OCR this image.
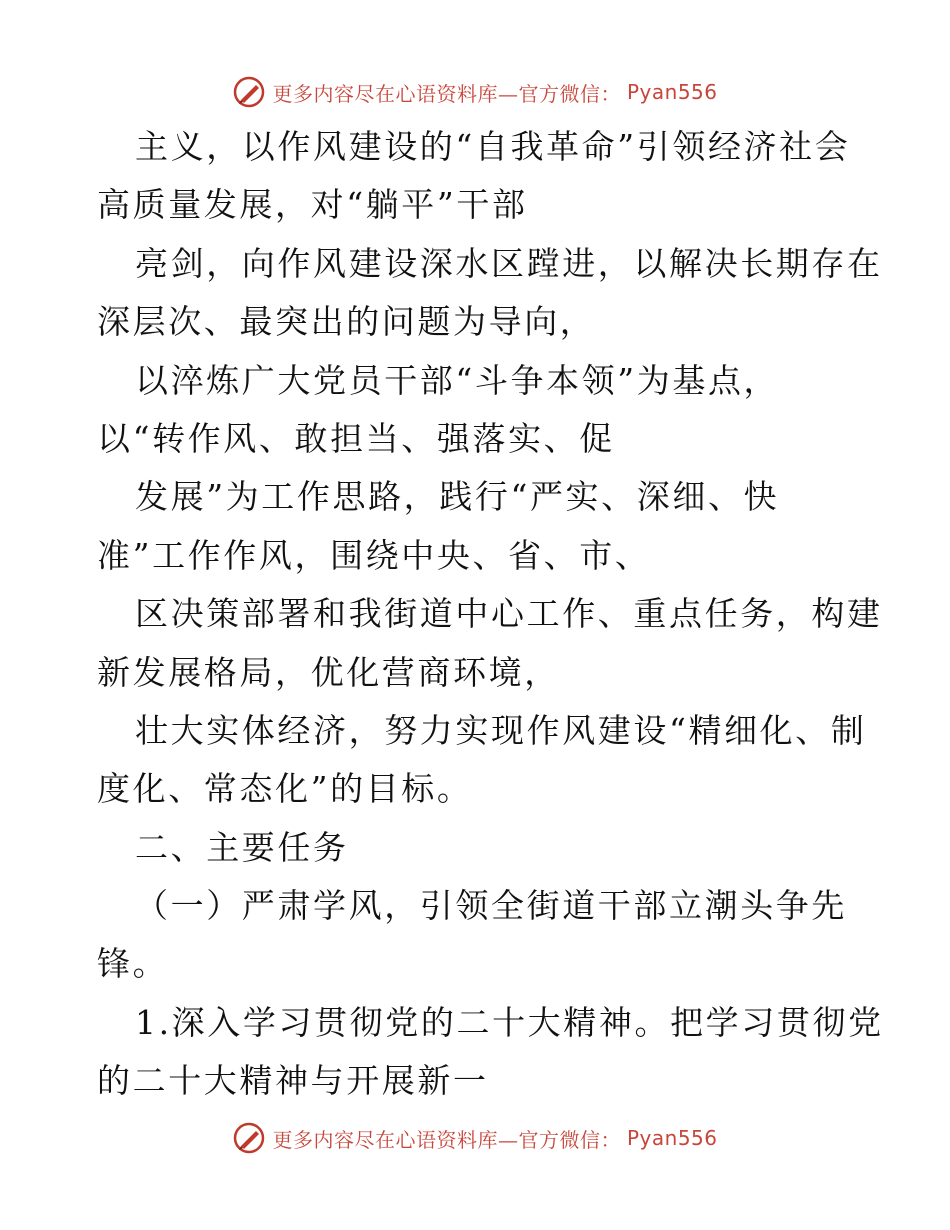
更多内容尽在心语资料库—官方微信： Pyan556
主义，以作风建设的“自我革命”引领经济社会
高质量发展，对“躺平”干部
亮剑，向作风建设深水区蹚进，以解决长期存在
深层次、最突出的问题为导向，
以淬炼广大党员干部“斗争本领”为基点，
以“转作风、敢担当、强落实、促
发展”为工作思路，践行“严实、深细、快
准”工作作风，围绕中央、省、市、
区决策部署和我街道中心工作、重点任务，构建
新发展格局，优化营商环境，
壮大实体经济，努力实现作风建设“精细化、制
度化、常态化”的目标。
二、主要任务
（一）严肃学风，引领全街道干部立潮头争先
锋。
1.深入学习贯彻党的二十大精神。把学习贯彻党
的二十大精神与开展新一
更多内容尽在心语资料库—官方微信： Pyan556
